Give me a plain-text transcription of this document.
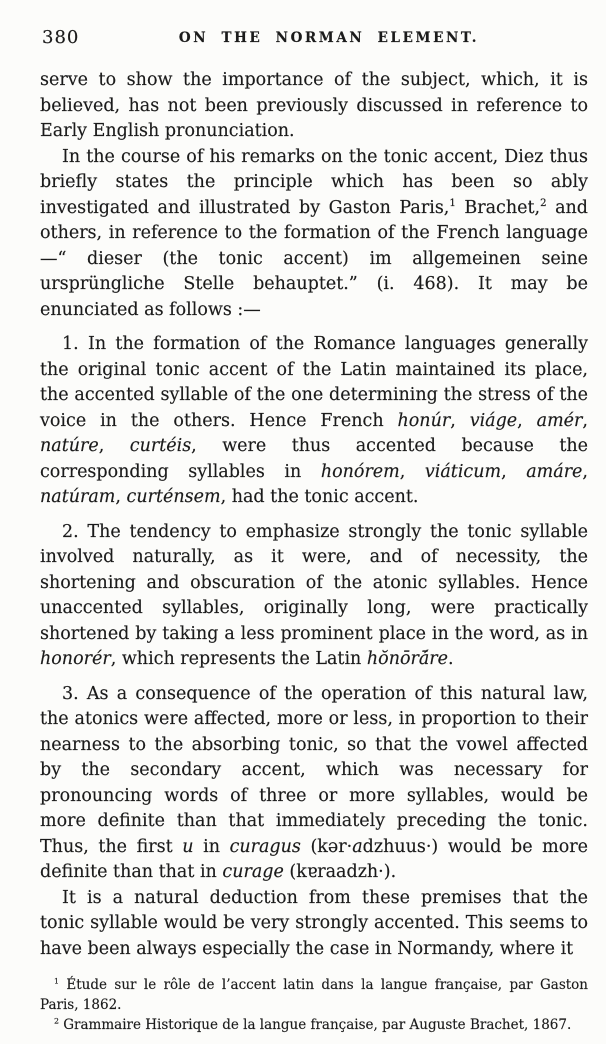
380	ON THE NORMAN ELEMENT.

serve to show the importance of the subject, which, it is believed, has not been previously discussed in reference to Early English pronunciation.

In the course of his remarks on the tonic accent, Diez thus briefly states the principle which has been so ably investigated and illustrated by Gaston Paris,$^1$ Brachet,$^2$ and others, in reference to the formation of the French language—“ dieser (the tonic accent) im allgemeinen seine ursprüngliche Stelle behauptet.” (i. 468). It may be enunciated as follows :—

1. In the formation of the Romance languages generally the original tonic accent of the Latin maintained its place, the accented syllable of the one determining the stress of the voice in the others. Hence French honúr, viáge, amér, natúre, curtéis, were thus accented because the corresponding syllables in honórem, viáticum, amáre, natúram, curténsem, had the tonic accent.

2. The tendency to emphasize strongly the tonic syllable involved naturally, as it were, and of necessity, the shortening and obscuration of the atonic syllables. Hence unaccented syllables, originally long, were practically shortened by taking a less prominent place in the word, as in honorér, which represents the Latin hŏnōrā́re.

3. As a consequence of the operation of this natural law, the atonics were affected, more or less, in proportion to their nearness to the absorbing tonic, so that the vowel affected by the secondary accent, which was necessary for pronouncing words of three or more syllables, would be more definite than that immediately preceding the tonic. Thus, the first u in curagus (kər·adzhuus·) would be more definite than that in curage (kɐraadzh·).

It is a natural deduction from these premises that the tonic syllable would be very strongly accented. This seems to have been always especially the case in Normandy, where it

$^1$ Étude sur le rôle de l’accent latin dans la langue française, par Gaston Paris, 1862.

$^2$ Grammaire Historique de la langue française, par Auguste Brachet, 1867.
